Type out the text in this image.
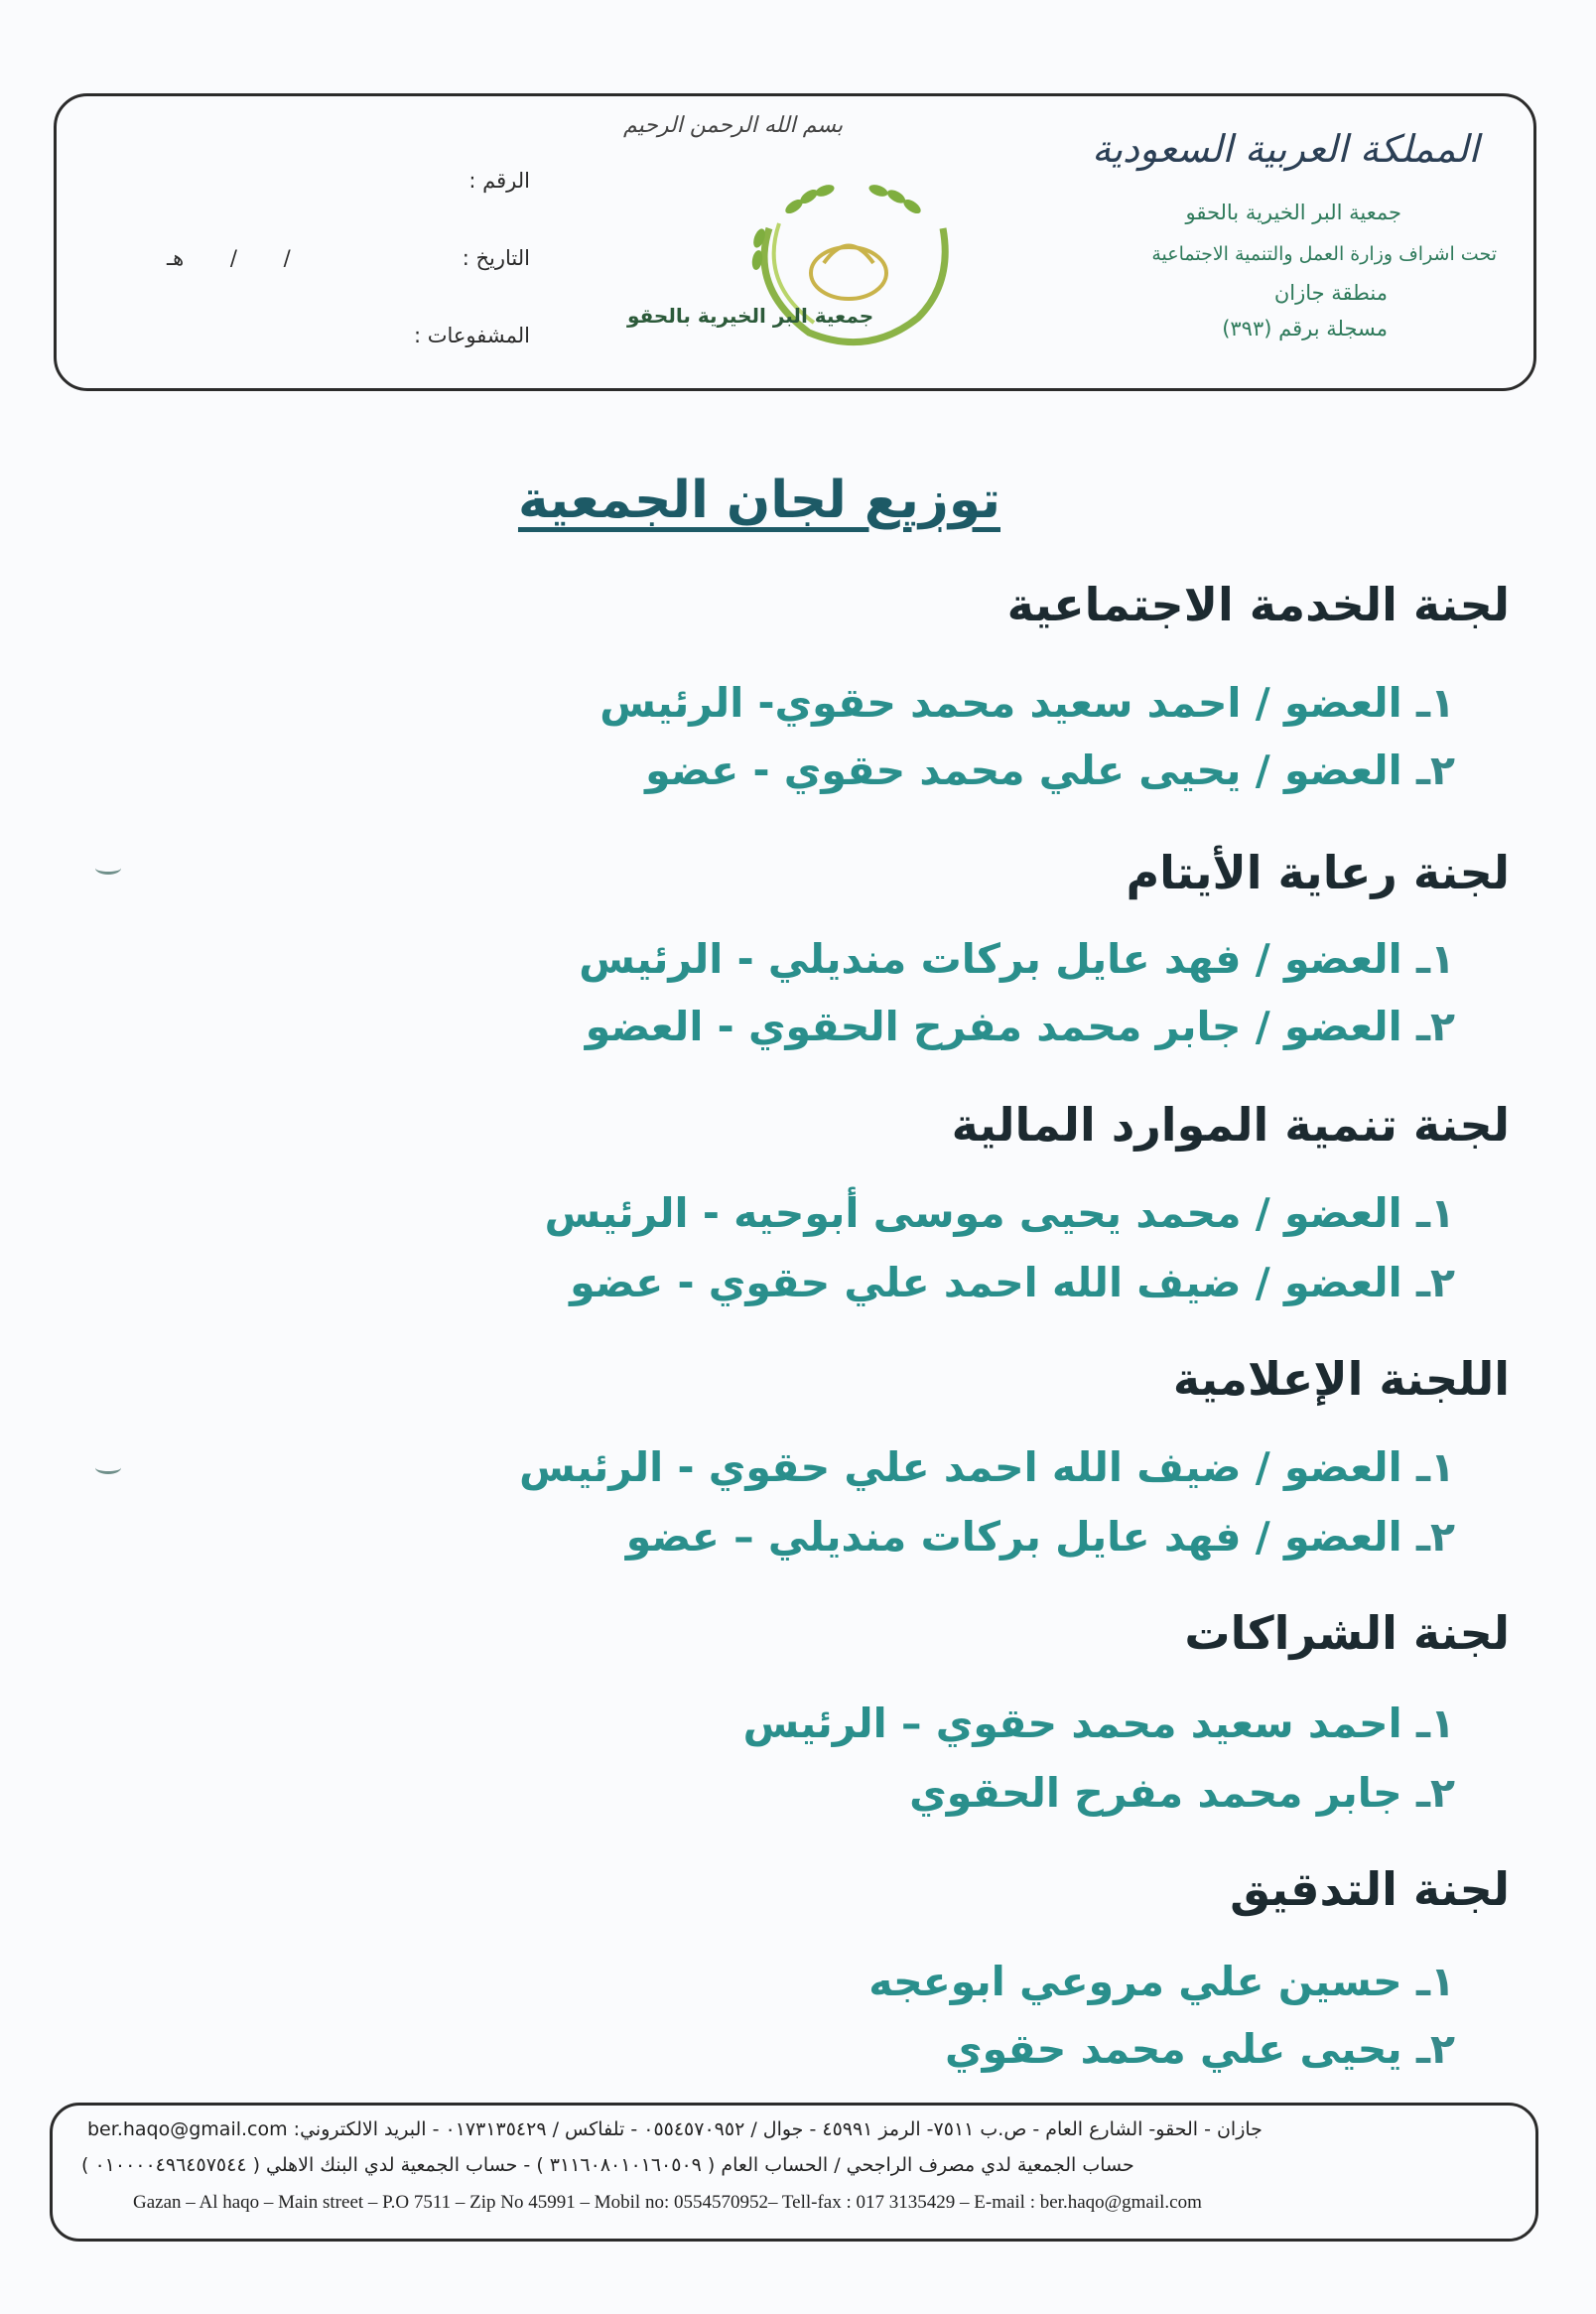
المملكة العربية السعودية
جمعية البر الخيرية بالحقو
تحت اشراف وزارة العمل والتنمية الاجتماعية
منطقة جازان
مسجلة برقم (٣٩٣)
بسم الله الرحمن الرحيم
جمعية البر الخيرية بالحقو
الرقم :
التاريخ :
/ / هـ
المشفوعات :
توزيع لجان الجمعية
لجنة الخدمة الاجتماعية
١ـ العضو / احمد سعيد محمد حقوي- الرئيس
٢ـ العضو / يحيى علي محمد حقوي - عضو
لجنة رعاية الأيتام
١ـ العضو / فهد عايل بركات منديلي - الرئيس
٢ـ العضو / جابر محمد مفرح الحقوي - العضو
لجنة تنمية الموارد المالية
١ـ العضو / محمد يحيى موسى أبوحيه - الرئيس
٢ـ العضو / ضيف الله احمد علي حقوي - عضو
اللجنة الإعلامية
١ـ العضو / ضيف الله احمد علي حقوي - الرئيس
٢ـ العضو / فهد عايل بركات منديلي – عضو
لجنة الشراكات
١ـ احمد سعيد محمد حقوي – الرئيس
٢ـ جابر محمد مفرح الحقوي
لجنة التدقيق
١ـ حسين علي مروعي ابوعجه
٢ـ يحيى علي محمد حقوي
جازان - الحقو- الشارع العام - ص.ب ٧٥١١- الرمز ٤٥٩٩١ - جوال / ٠٥٥٤٥٧٠٩٥٢ - تلفاكس / ٠١٧٣١٣٥٤٢٩ - البريد الالكتروني: ber.haqo@gmail.com
حساب الجمعية لدي مصرف الراجحي / الحساب العام ( ٣١١٦٠٨٠١٠١٦٠٥٠٩ ) - حساب الجمعية لدي البنك الاهلي ( ٠١٠٠٠٠٤٩٦٤٥٧٥٤٤ )
Gazan – Al haqo – Main street – P.O 7511 – Zip No 45991 – Mobil no: 0554570952– Tell-fax : 017 3135429 – E-mail : ber.haqo@gmail.com
